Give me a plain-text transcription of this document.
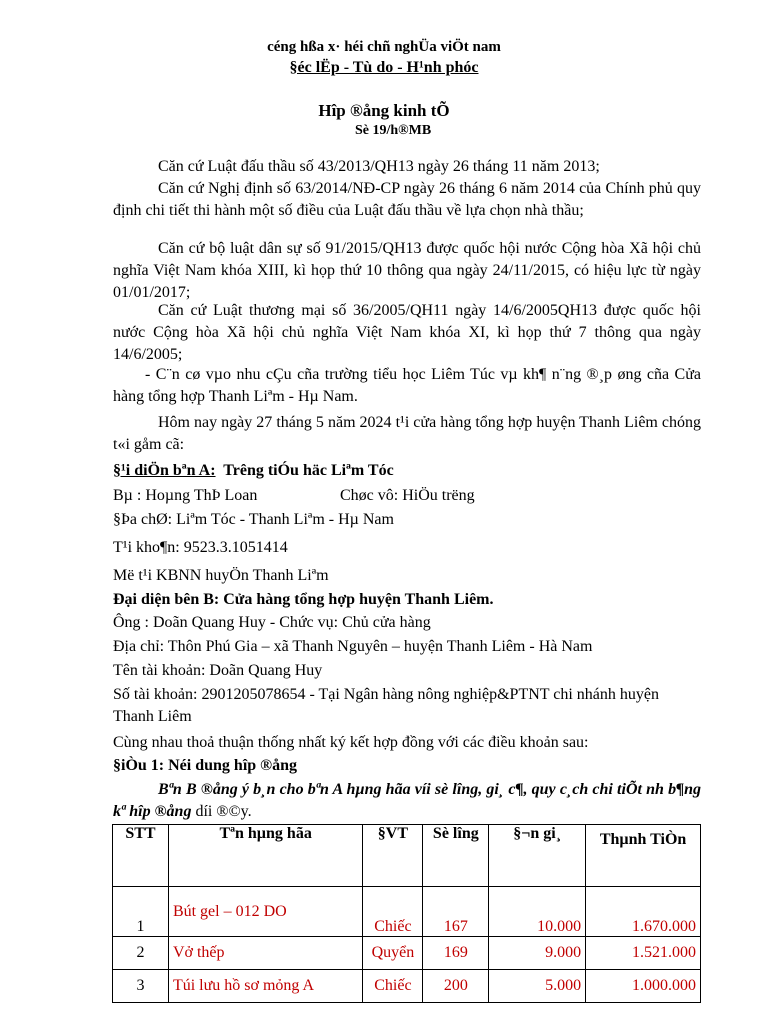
céng hßa x· héi chñ nghÜa viÖt nam
§éc lËp - Tù do - H¹nh phóc
Hîp ®ång kinh tÕ
Sè 19/h®MB
Căn cứ Luật đấu thầu số 43/2013/QH13 ngày 26 tháng 11 năm 2013;
Căn cứ Nghị định số 63/2014/NĐ-CP ngày 26 tháng 6 năm 2014 của Chính phủ quy định chi tiết thi hành một số điều của Luật đấu thầu về lựa chọn nhà thầu;
Căn cứ bộ luật dân sự số 91/2015/QH13 được quốc hội nước Cộng hòa Xã hội chủ nghĩa Việt Nam khóa XIII, kì họp thứ 10 thông qua ngày 24/11/2015, có hiệu lực từ ngày 01/01/2017;
Căn cứ Luật thương mại số 36/2005/QH11 ngày 14/6/2005QH13 được quốc hội nước Cộng hòa Xã hội chủ nghĩa Việt Nam khóa XI, kì họp thứ 7 thông qua ngày 14/6/2005;
- C¨n cø vµo nhu cÇu cña trường tiểu học Liêm Túc vµ kh¶ n¨ng ®¸p øng cña Cửa hàng tổng hợp Thanh Liªm - Hµ Nam.
Hôm nay ngày 27 tháng 5 năm 2024 t¹i cửa hàng tổng hợp huyện Thanh Liêm chóng t«i gåm cã:
§¹i diÖn bªn A: Trêng tiÓu häc Liªm Tóc
Bµ : Hoµng ThÞ Loan	Chøc vô: HiÖu trëng
§Þa chØ: Liªm Tóc - Thanh Liªm - Hµ Nam
T¹i kho¶n: 9523.3.1051414
Më t¹i KBNN huyÖn Thanh Liªm
Đại diện bên B: Cửa hàng tổng hợp huyện Thanh Liêm.
Ông : Doãn Quang Huy - Chức vụ: Chủ cửa hàng
Địa chỉ: Thôn Phú Gia – xã Thanh Nguyên – huyện Thanh Liêm - Hà Nam
Tên tài khoản: Doãn Quang Huy
Số tài khoản: 2901205078654 - Tại Ngân hàng nông nghiệp&PTNT chi nhánh huyện Thanh Liêm
Cùng nhau thoả thuận thống nhất ký kết hợp đồng với các điều khoản sau:
§iÒu 1: Néi dung hîp ®ång
Bªn B ®ång ý b¸n cho bªn A hµng hãa víi sè lîng, gi¸ c¶, quy c¸ch chi tiÕt nh b¶ng kª hîp ®ång díi ®©y.
STT	Tªn hµng hãa	§VT	Sè lîng	§¬n gi¸	Thµnh TiÒn
1	Bút gel – 012 DO	Chiếc	167	10.000	1.670.000
2	Vở thếp	Quyển	169	9.000	1.521.000
3	Túi lưu hồ sơ mỏng A	Chiếc	200	5.000	1.000.000
